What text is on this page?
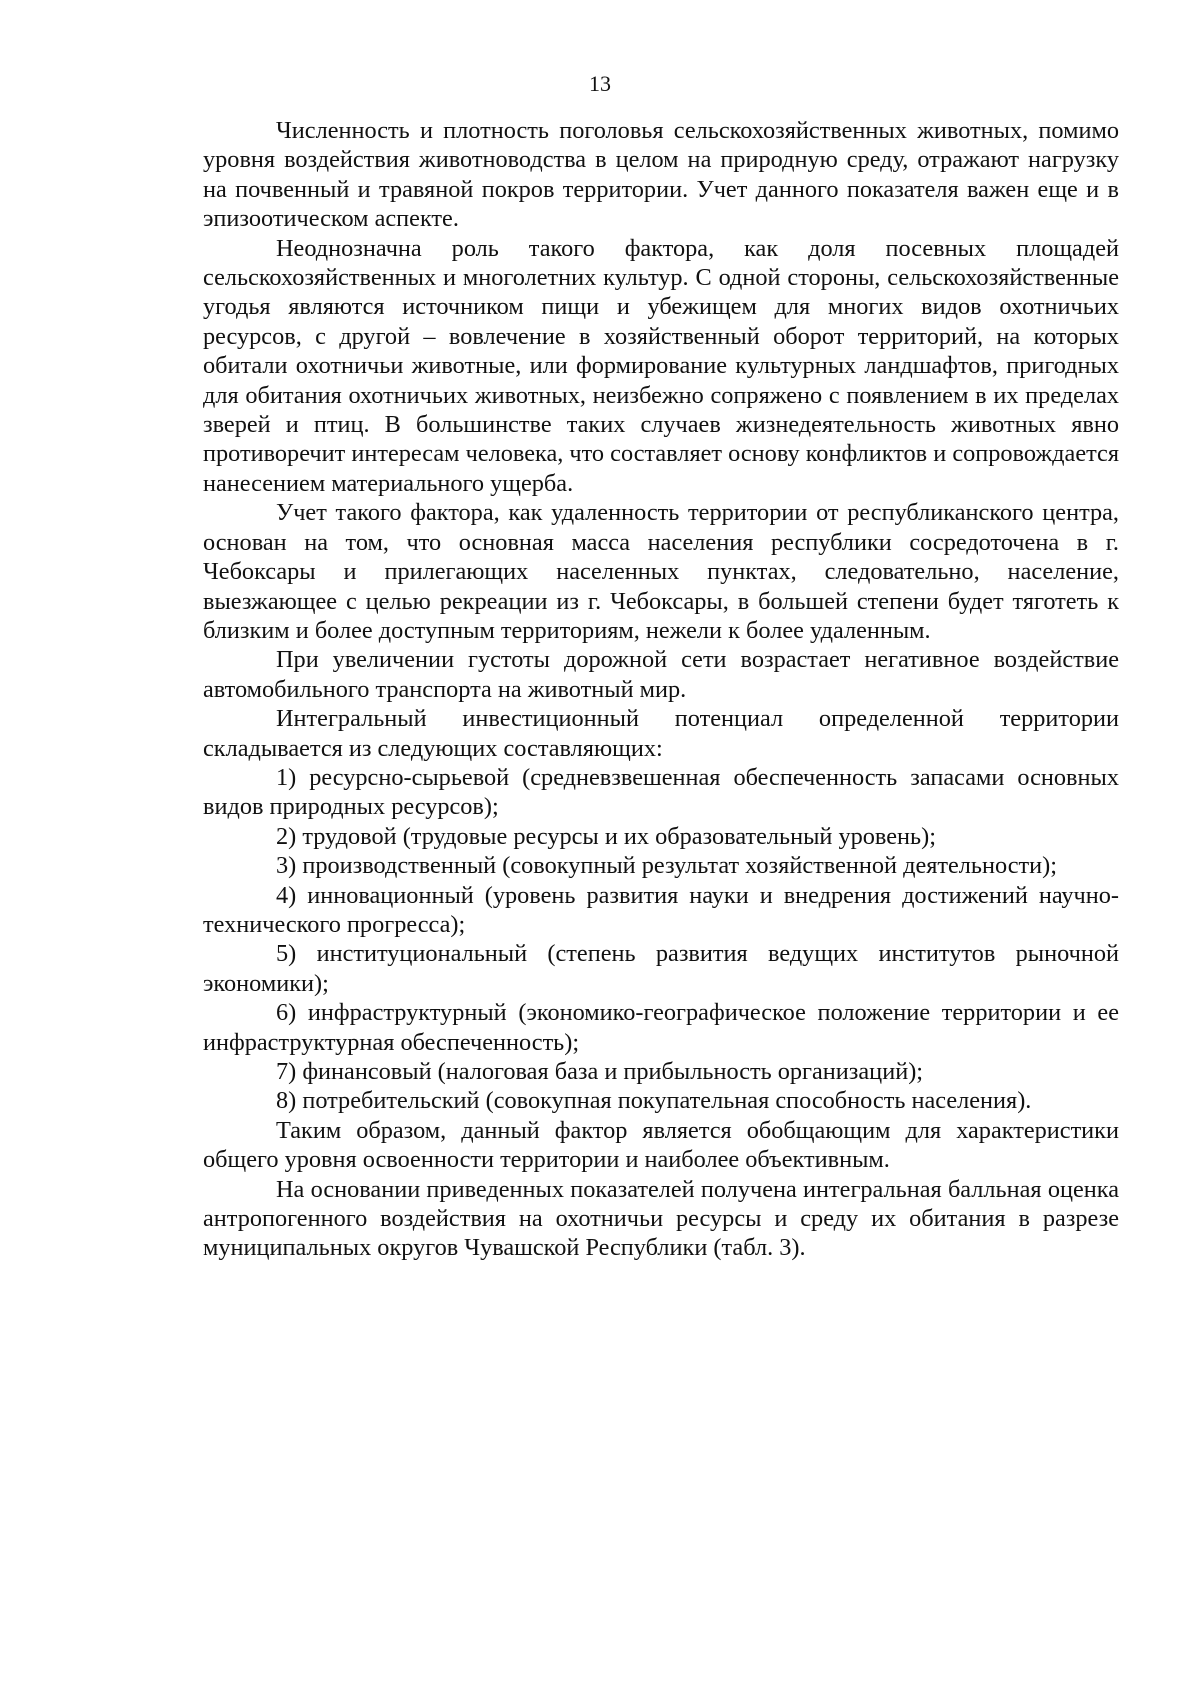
13

Численность и плотность поголовья сельскохозяйственных животных, помимо уровня воздействия животноводства в целом на природную среду, отражают нагрузку на почвенный и травяной покров территории. Учет данного показателя важен еще и в эпизоотическом аспекте.

Неоднозначна роль такого фактора, как доля посевных площадей сельскохозяйственных и многолетних культур. С одной стороны, сельскохозяйственные угодья являются источником пищи и убежищем для многих видов охотничьих ресурсов, с другой – вовлечение в хозяйственный оборот территорий, на которых обитали охотничьи животные, или формирование культурных ландшафтов, пригодных для обитания охотничьих животных, неизбежно сопряжено с появлением в их пределах зверей и птиц. В большинстве таких случаев жизнедеятельность животных явно противоречит интересам человека, что составляет основу конфликтов и сопровождается нанесением материального ущерба.

Учет такого фактора, как удаленность территории от республиканского центра, основан на том, что основная масса населения республики сосредоточена в г. Чебоксары и прилегающих населенных пунктах, следовательно, население, выезжающее с целью рекреации из г. Чебоксары, в большей степени будет тяготеть к близким и более доступным территориям, нежели к более удаленным.

При увеличении густоты дорожной сети возрастает негативное воздействие автомобильного транспорта на животный мир.

Интегральный инвестиционный потенциал определенной территории складывается из следующих составляющих:

1) ресурсно-сырьевой (средневзвешенная обеспеченность запасами основных видов природных ресурсов);

2) трудовой (трудовые ресурсы и их образовательный уровень);

3) производственный (совокупный результат хозяйственной деятельности);

4) инновационный (уровень развития науки и внедрения достижений научно-технического прогресса);

5) институциональный (степень развития ведущих институтов рыночной экономики);

6) инфраструктурный (экономико-географическое положение территории и ее инфраструктурная обеспеченность);

7) финансовый (налоговая база и прибыльность организаций);

8) потребительский (совокупная покупательная способность населения).

Таким образом, данный фактор является обобщающим для характеристики общего уровня освоенности территории и наиболее объективным.

На основании приведенных показателей получена интегральная балльная оценка антропогенного воздействия на охотничьи ресурсы и среду их обитания в разрезе муниципальных округов Чувашской Республики (табл. 3).
